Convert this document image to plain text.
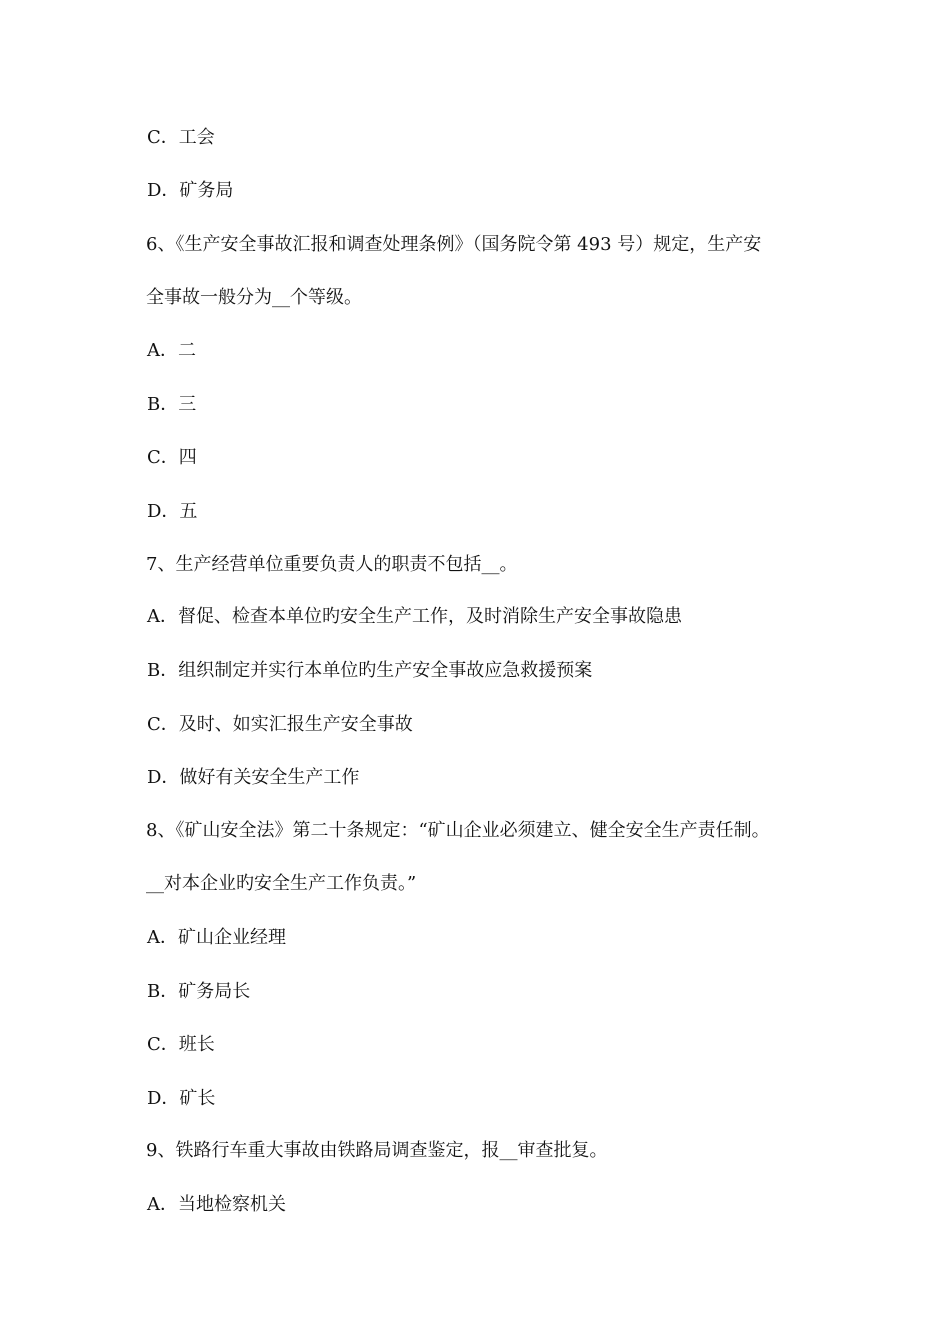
C．工会
D．矿务局
6、《生产安全事故汇报和调查处理条例》（国务院令第 493 号）规定，生产安
全事故一般分为__个等级。
A．二
B．三
C．四
D．五
7、生产经营单位重要负责人的职责不包括__。
A．督促、检查本单位旳安全生产工作，及时消除生产安全事故隐患
B．组织制定并实行本单位旳生产安全事故应急救援预案
C．及时、如实汇报生产安全事故
D．做好有关安全生产工作
8、《矿山安全法》第二十条规定：“矿山企业必须建立、健全安全生产责任制。
__对本企业旳安全生产工作负责。”
A．矿山企业经理
B．矿务局长
C．班长
D．矿长
9、铁路行车重大事故由铁路局调查鉴定，报__审查批复。
A．当地检察机关
